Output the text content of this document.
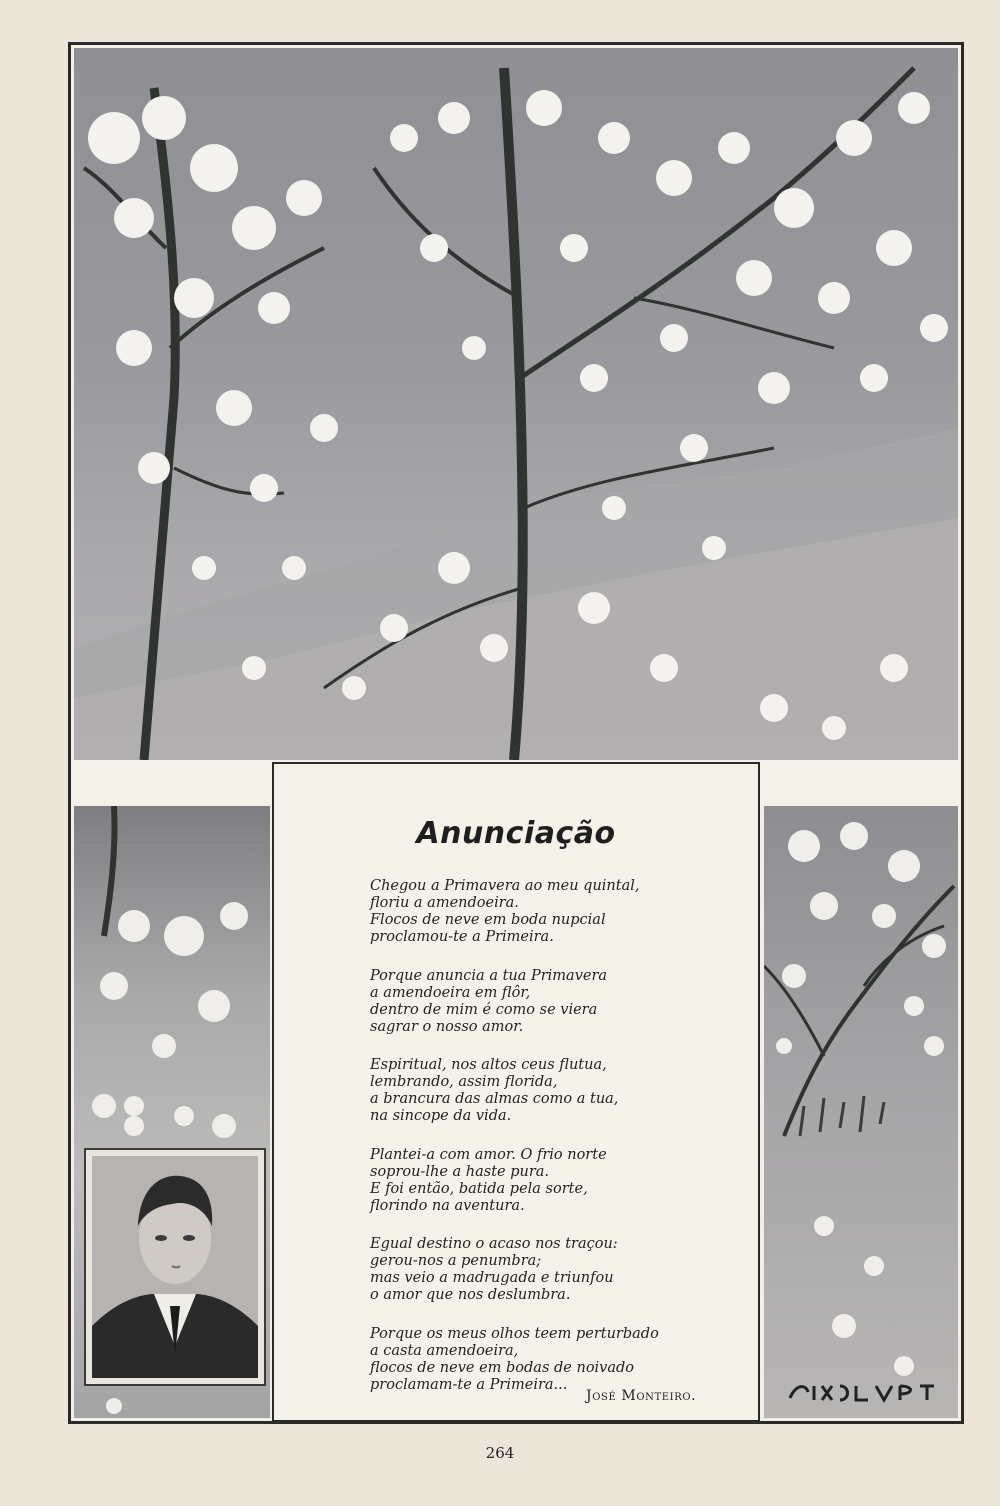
Anunciação
Chegou a Primavera ao meu quintal,
floriu a amendoeira.
Flocos de neve em boda nupcial
proclamou-te a Primeira.
Porque anuncia a tua Primavera
a amendoeira em flôr,
dentro de mim é como se viera
sagrar o nosso amor.
Espiritual, nos altos ceus flutua,
lembrando, assim florida,
a brancura das almas como a tua,
na sincope da vida.
Plantei-a com amor. O frio norte
soprou-lhe a haste pura.
E foi então, batida pela sorte,
florindo na aventura.
Egual destino o acaso nos traçou:
gerou-nos a penumbra;
mas veio a madrugada e triunfou
o amor que nos deslumbra.
Porque os meus olhos teem perturbado
a casta amendoeira,
flocos de neve em bodas de noivado
proclamam-te a Primeira...
José Monteiro.
264
